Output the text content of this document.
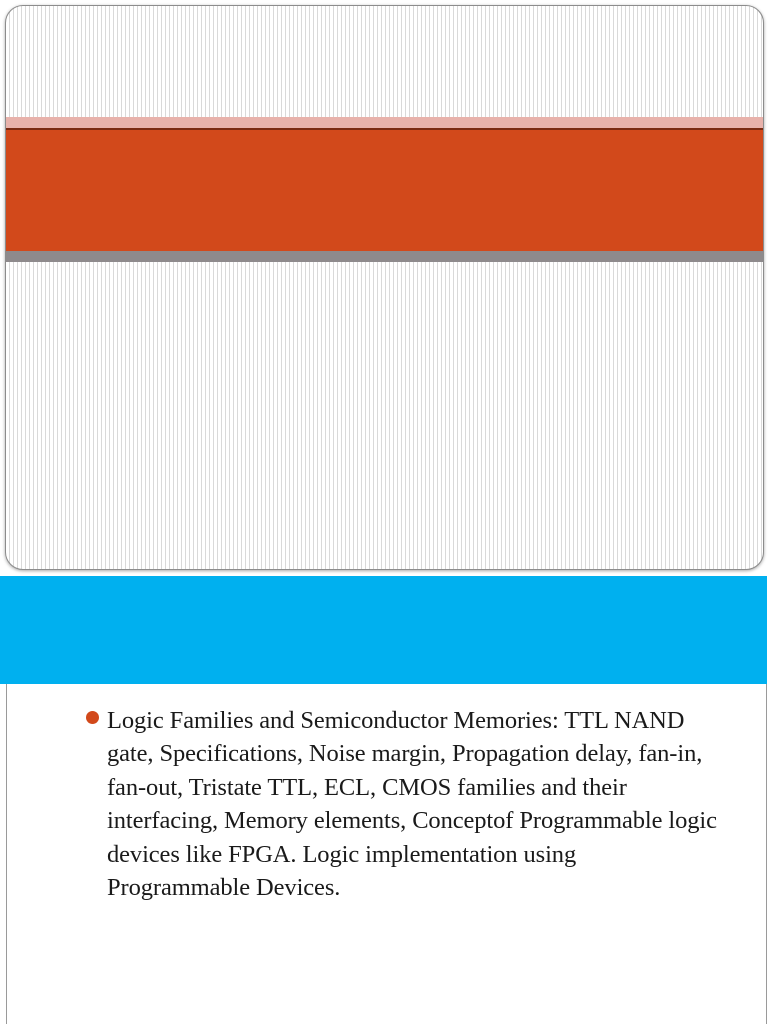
Logic Families and Semiconductor Memories: TTL NAND gate, Specifications, Noise margin, Propagation delay, fan-in, fan-out, Tristate TTL, ECL, CMOS families and their interfacing, Memory elements, Conceptof Programmable logic devices like FPGA. Logic implementation using Programmable Devices.
